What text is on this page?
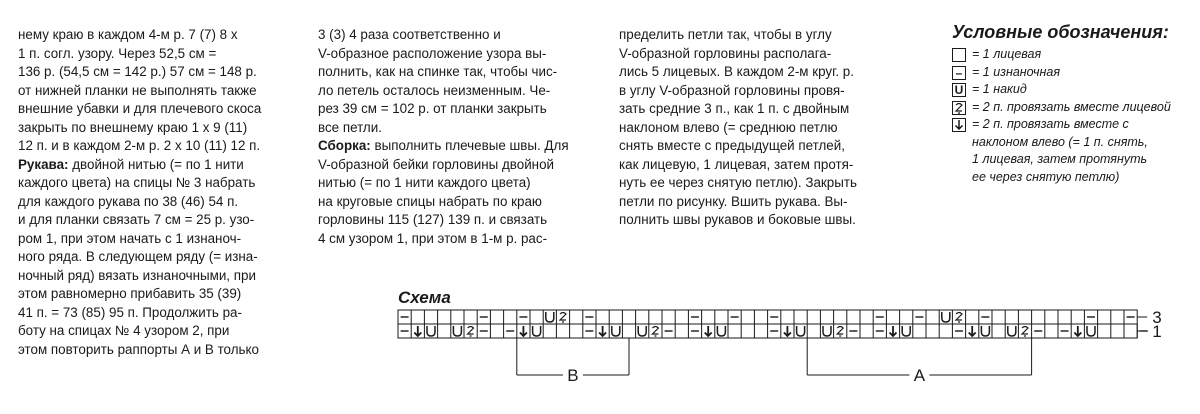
нему краю в каждом 4-м р. 7 (7) 8 х

1 п. согл. узору. Через 52,5 см =

136 р. (54,5 см = 142 р.) 57 см = 148 р.

от нижней планки не выполнять также

внешние убавки и для плечевого скоса

закрыть по внешнему краю 1 х 9 (11)

12 п. и в каждом 2-м р. 2 х 10 (11) 12 п.

Рукава: двойной нитью (= по 1 нити

каждого цвета) на спицы № 3 набрать

для каждого рукава по 38 (46) 54 п.

и для планки связать 7 см = 25 р. узо-

ром 1, при этом начать с 1 изнаноч-

ного ряда. В следующем ряду (= изна-

ночный ряд) вязать изнаночными, при

этом равномерно прибавить 35 (39)

41 п. = 73 (85) 95 п. Продолжить ра-

боту на спицах № 4 узором 2, при

этом повторить раппорты А и В только

3 (3) 4 раза соответственно и

V-образное расположение узора вы-

полнить, как на спинке так, чтобы чис-

ло петель осталось неизменным. Че-

рез 39 см = 102 р. от планки закрыть

все петли.

Сборка: выполнить плечевые швы. Для

V-образной бейки горловины двойной

нитью (= по 1 нити каждого цвета)

на круговые спицы набрать по краю

горловины 115 (127) 139 п. и связать

4 см узором 1, при этом в 1-м р. рас-

пределить петли так, чтобы в углу

V-образной горловины располага-

лись 5 лицевых. В каждом 2-м круг. р.

в углу V-образной горловины провя-

зать средние 3 п., как 1 п. с двойным

наклоном влево (= среднюю петлю

снять вместе с предыдущей петлей,

как лицевую, 1 лицевая, затем протя-

нуть ее через снятую петлю). Закрыть

петли по рисунку. Вшить рукава. Вы-

полнить швы рукавов и боковые швы.

Условные обозначения:
= 1 лицевая
– = 1 изнаночная
U = 1 накид
= 2 п. провязать вместе лицевой
= 2 п. провязать вместе с
наклоном влево (= 1 п. снять,
1 лицевая, затем протянуть
ее через снятую петлю)
Схема
3
1
B	A
